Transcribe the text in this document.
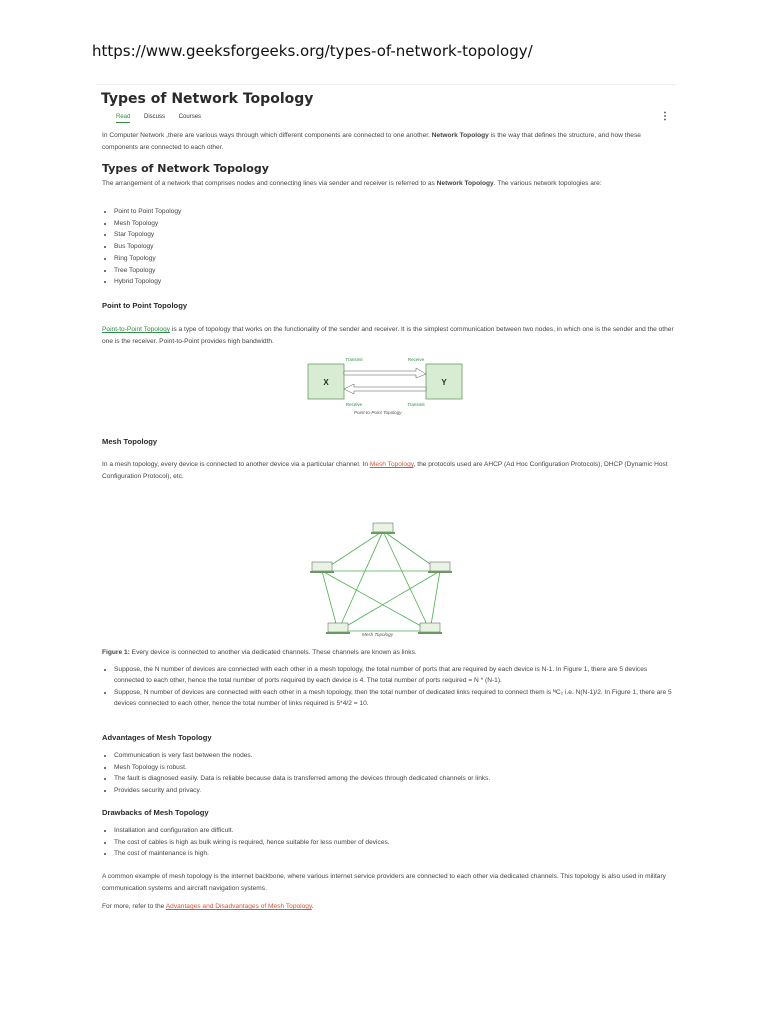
https://www.geeksforgeeks.org/types-of-network-topology/
Types of Network Topology
Read Discuss Courses	⋮
In Computer Network ,there are various ways through which different components are connected to one another. Network Topology is the way that defines the structure, and how these components are connected to each other.
Types of Network Topology
The arrangement of a network that comprises nodes and connecting lines via sender and receiver is referred to as Network Topology. The various network topologies are:
• Point to Point Topology
• Mesh Topology
• Star Topology
• Bus Topology
• Ring Topology
• Tree Topology
• Hybrid Topology
Point to Point Topology
Point-to-Point Topology is a type of topology that works on the functionality of the sender and receiver. It is the simplest communication between two nodes, in which one is the sender and the other one is the receiver. Point-to-Point provides high bandwidth.
X	Y
Transmit	Receive
Receive	Transmit
Point-to-Point Topology
Mesh Topology
In a mesh topology, every device is connected to another device via a particular channel. In Mesh Topology, the protocols used are AHCP (Ad Hoc Configuration Protocols), DHCP (Dynamic Host Configuration Protocol), etc.
Mesh Topology
Figure 1: Every device is connected to another via dedicated channels. These channels are known as links.
• Suppose, the N number of devices are connected with each other in a mesh topology, the total number of ports that are required by each device is N-1. In Figure 1, there are 5 devices connected to each other, hence the total number of ports required by each device is 4. The total number of ports required = N * (N-1).
• Suppose, N number of devices are connected with each other in a mesh topology, then the total number of dedicated links required to connect them is ᴺC₂ i.e. N(N-1)/2. In Figure 1, there are 5 devices connected to each other, hence the total number of links required is 5*4/2 = 10.
Advantages of Mesh Topology
• Communication is very fast between the nodes.
• Mesh Topology is robust.
• The fault is diagnosed easily. Data is reliable because data is transferred among the devices through dedicated channels or links.
• Provides security and privacy.
Drawbacks of Mesh Topology
• Installation and configuration are difficult.
• The cost of cables is high as bulk wiring is required, hence suitable for less number of devices.
• The cost of maintenance is high.
A common example of mesh topology is the internet backbone, where various internet service providers are connected to each other via dedicated channels. This topology is also used in military communication systems and aircraft navigation systems.
For more, refer to the Advantages and Disadvantages of Mesh Topology.
